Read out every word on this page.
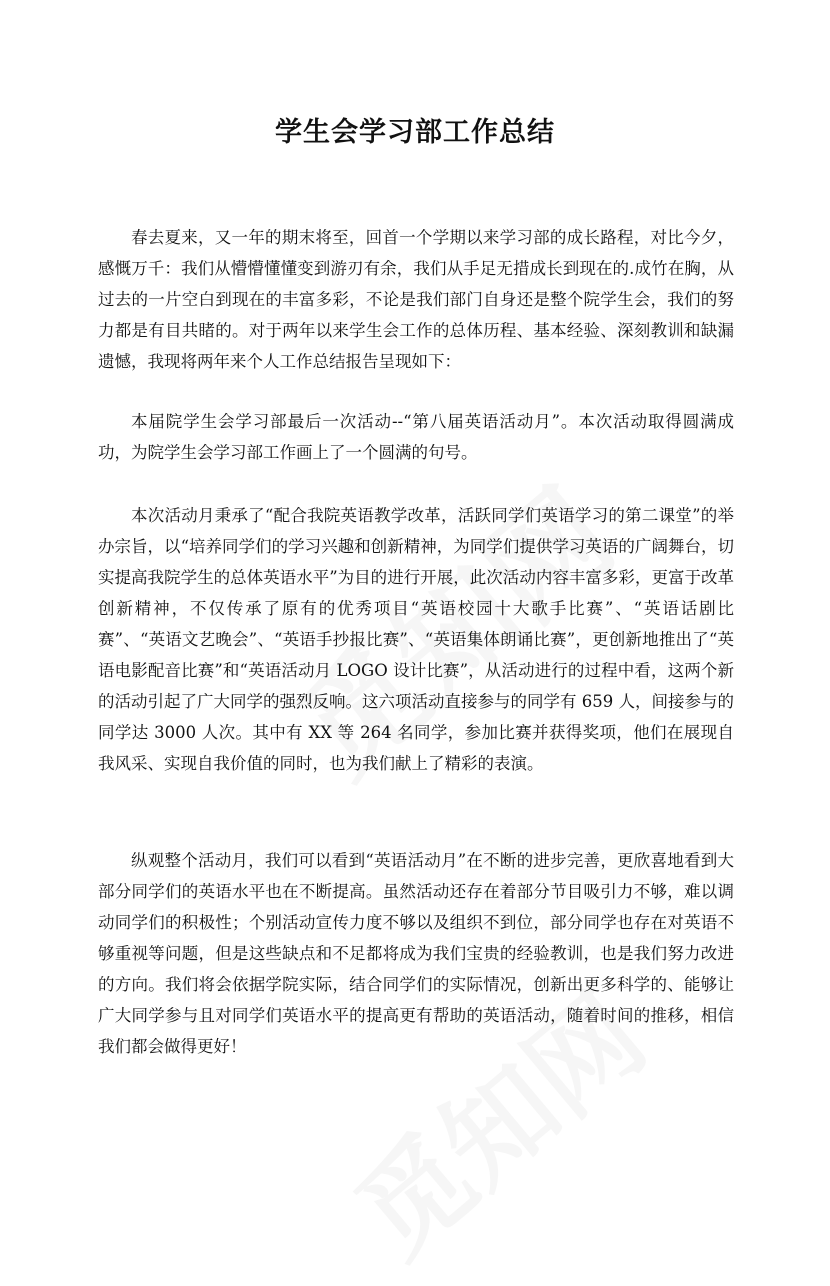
学生会学习部工作总结

春去夏来，又一年的期末将至，回首一个学期以来学习部的成长路程，对比今夕，感慨万千：我们从懵懵懂懂变到游刃有余，我们从手足无措成长到现在的.成竹在胸，从过去的一片空白到现在的丰富多彩，不论是我们部门自身还是整个院学生会，我们的努力都是有目共睹的。对于两年以来学生会工作的总体历程、基本经验、深刻教训和缺漏遗憾，我现将两年来个人工作总结报告呈现如下：

本届院学生会学习部最后一次活动--“第八届英语活动月”。本次活动取得圆满成功，为院学生会学习部工作画上了一个圆满的句号。

本次活动月秉承了“配合我院英语教学改革，活跃同学们英语学习的第二课堂”的举办宗旨，以“培养同学们的学习兴趣和创新精神，为同学们提供学习英语的广阔舞台，切实提高我院学生的总体英语水平”为目的进行开展，此次活动内容丰富多彩，更富于改革创新精神，不仅传承了原有的优秀项目“英语校园十大歌手比赛”、“英语话剧比赛”、“英语文艺晚会”、“英语手抄报比赛”、“英语集体朗诵比赛”，更创新地推出了“英语电影配音比赛”和“英语活动月 LOGO 设计比赛”，从活动进行的过程中看，这两个新的活动引起了广大同学的强烈反响。这六项活动直接参与的同学有 659 人，间接参与的同学达 3000 人次。其中有 XX 等 264 名同学，参加比赛并获得奖项，他们在展现自我风采、实现自我价值的同时，也为我们献上了精彩的表演。

纵观整个活动月，我们可以看到“英语活动月”在不断的进步完善，更欣喜地看到大部分同学们的英语水平也在不断提高。虽然活动还存在着部分节目吸引力不够，难以调动同学们的积极性；个别活动宣传力度不够以及组织不到位，部分同学也存在对英语不够重视等问题，但是这些缺点和不足都将成为我们宝贵的经验教训，也是我们努力改进的方向。我们将会依据学院实际，结合同学们的实际情况，创新出更多科学的、能够让广大同学参与且对同学们英语水平的提高更有帮助的英语活动，随着时间的推移，相信我们都会做得更好！
